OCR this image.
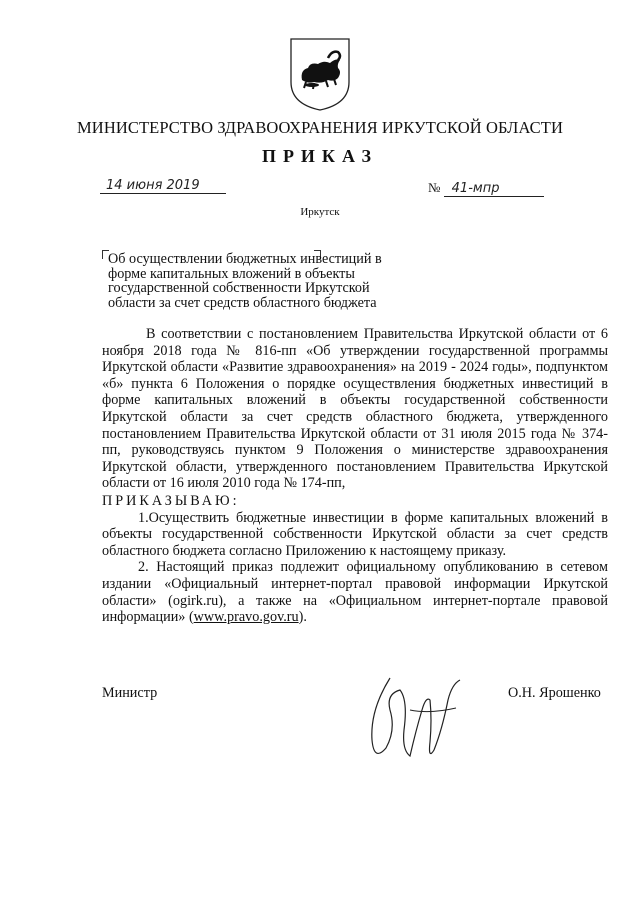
МИНИСТЕРСТВО ЗДРАВООХРАНЕНИЯ ИРКУТСКОЙ ОБЛАСТИ
ПРИКАЗ
14 июня 2019	№ 41-мпр
Иркутск
Об осуществлении бюджетных инвестиций в
форме капитальных вложений в объекты
государственной собственности Иркутской
области за счет средств областного бюджета
В соответствии с постановлением Правительства Иркутской области от 6 ноября 2018 года № 816-пп «Об утверждении государственной программы Иркутской области «Развитие здравоохранения» на 2019 - 2024 годы», подпунктом «б» пункта 6 Положения о порядке осуществления бюджетных инвестиций в форме капитальных вложений в объекты государственной собственности Иркутской области за счет средств областного бюджета, утвержденного постановлением Правительства Иркутской области от 31 июля 2015 года № 374-пп, руководствуясь пунктом 9 Положения о министерстве здравоохранения Иркутской области, утвержденного постановлением Правительства Иркутской области от 16 июля 2010 года № 174-пп,
ПРИКАЗЫВАЮ:
1.Осуществить бюджетные инвестиции в форме капитальных вложений в объекты государственной собственности Иркутской области за счет средств областного бюджета согласно Приложению к настоящему приказу.
2. Настоящий приказ подлежит официальному опубликованию в сетевом издании «Официальный интернет-портал правовой информации Иркутской области» (ogirk.ru), а также на «Официальном интернет-портале правовой информации» (www.pravo.gov.ru).
Министр	О.Н. Ярошенко
